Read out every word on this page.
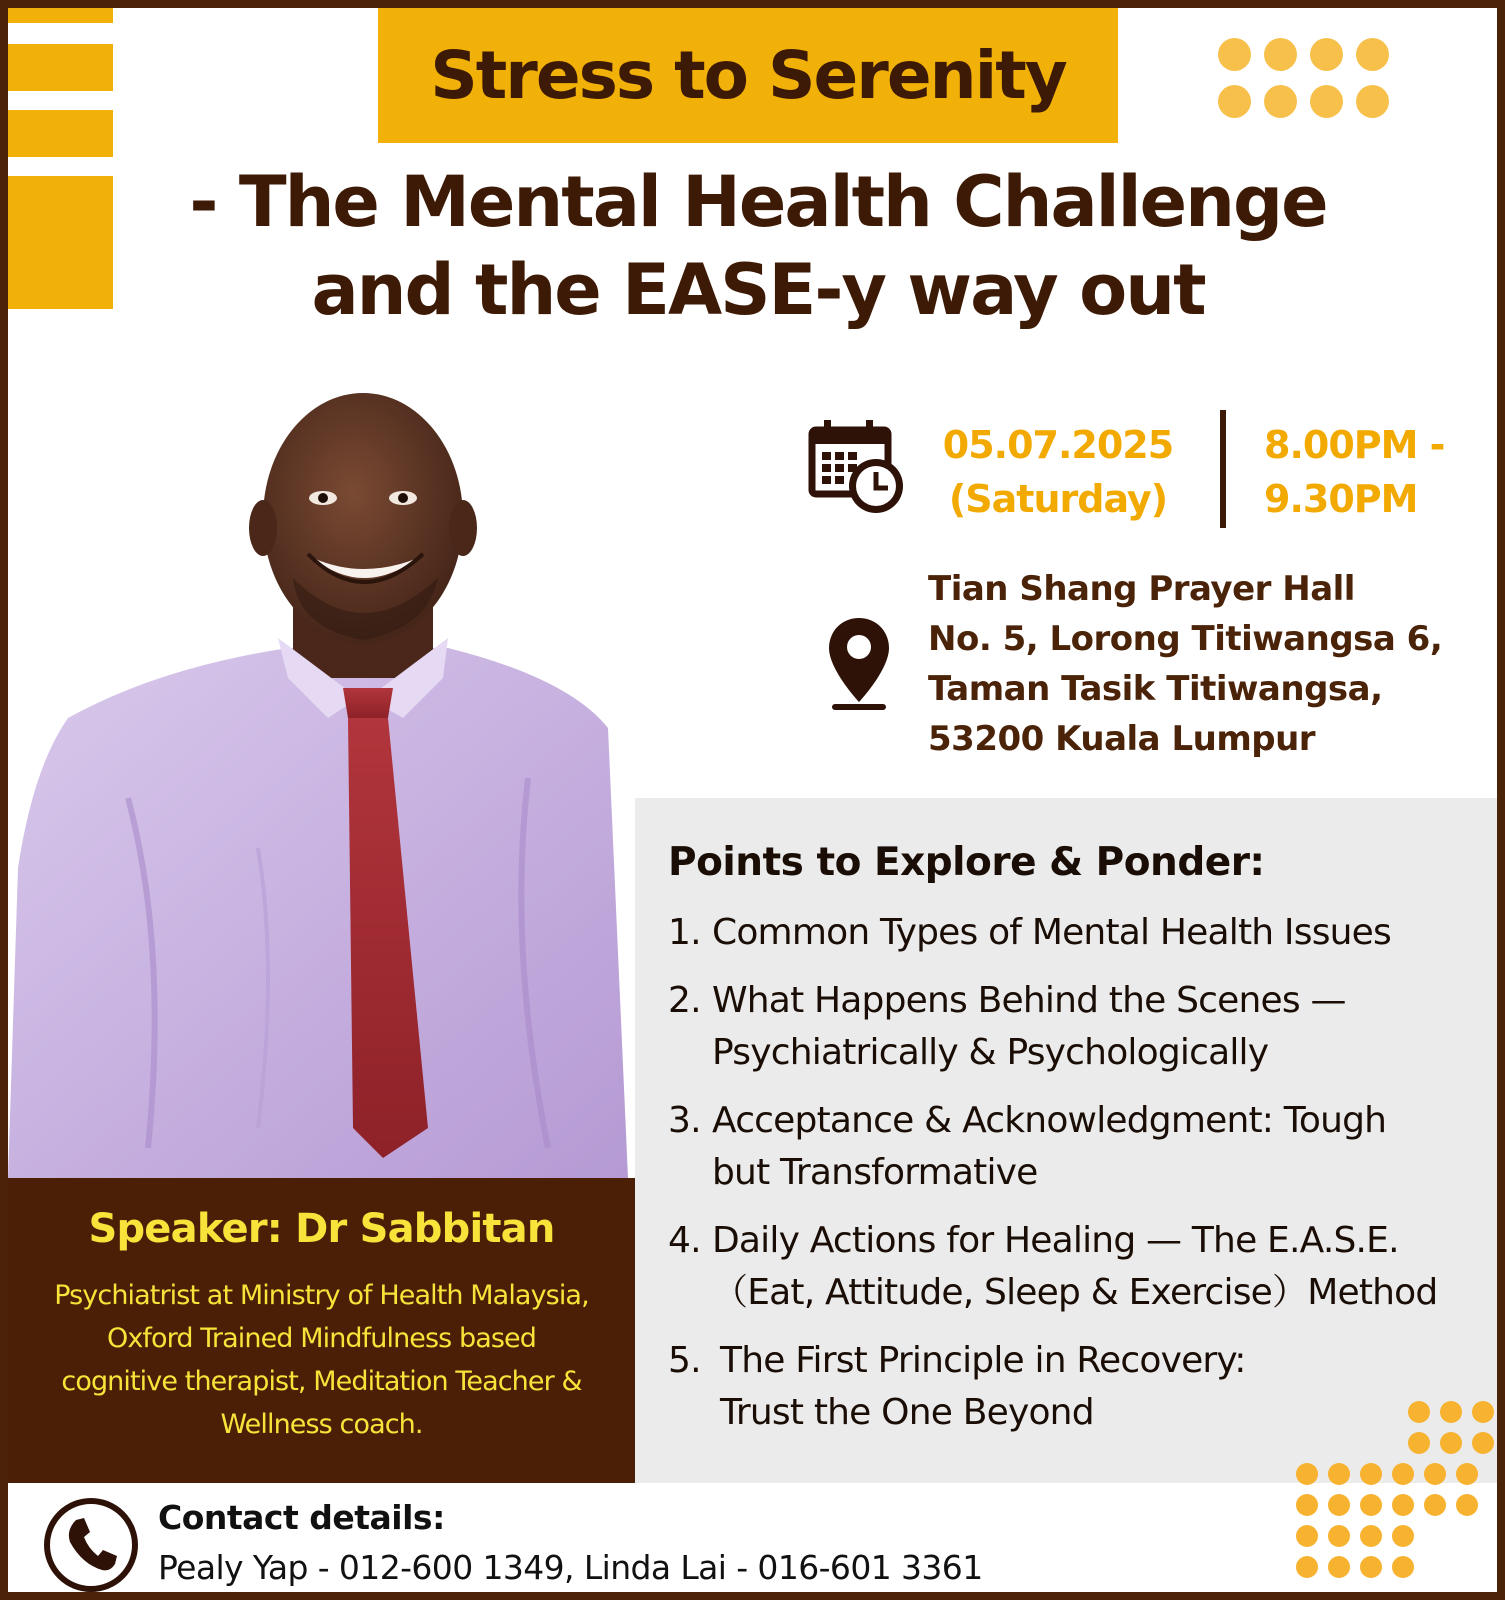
Stress to Serenity
- The Mental Health Challenge
and the EASE-y way out
05.07.2025
(Saturday)
8.00PM -
9.30PM
Tian Shang Prayer Hall
No. 5, Lorong Titiwangsa 6,
Taman Tasik Titiwangsa,
53200 Kuala Lumpur
Points to Explore & Ponder:
1. Common Types of Mental Health Issues
2. What Happens Behind the Scenes —
Psychiatrically & Psychologically
3. Acceptance & Acknowledgment: Tough
but Transformative
4. Daily Actions for Healing — The E.A.S.E.
（Eat, Attitude, Sleep & Exercise）Method
5. The First Principle in Recovery:
Trust the One Beyond
Speaker: Dr Sabbitan
Psychiatrist at Ministry of Health Malaysia,
Oxford Trained Mindfulness based
cognitive therapist, Meditation Teacher &
Wellness coach.
Contact details:
Pealy Yap - 012-600 1349, Linda Lai - 016-601 3361
